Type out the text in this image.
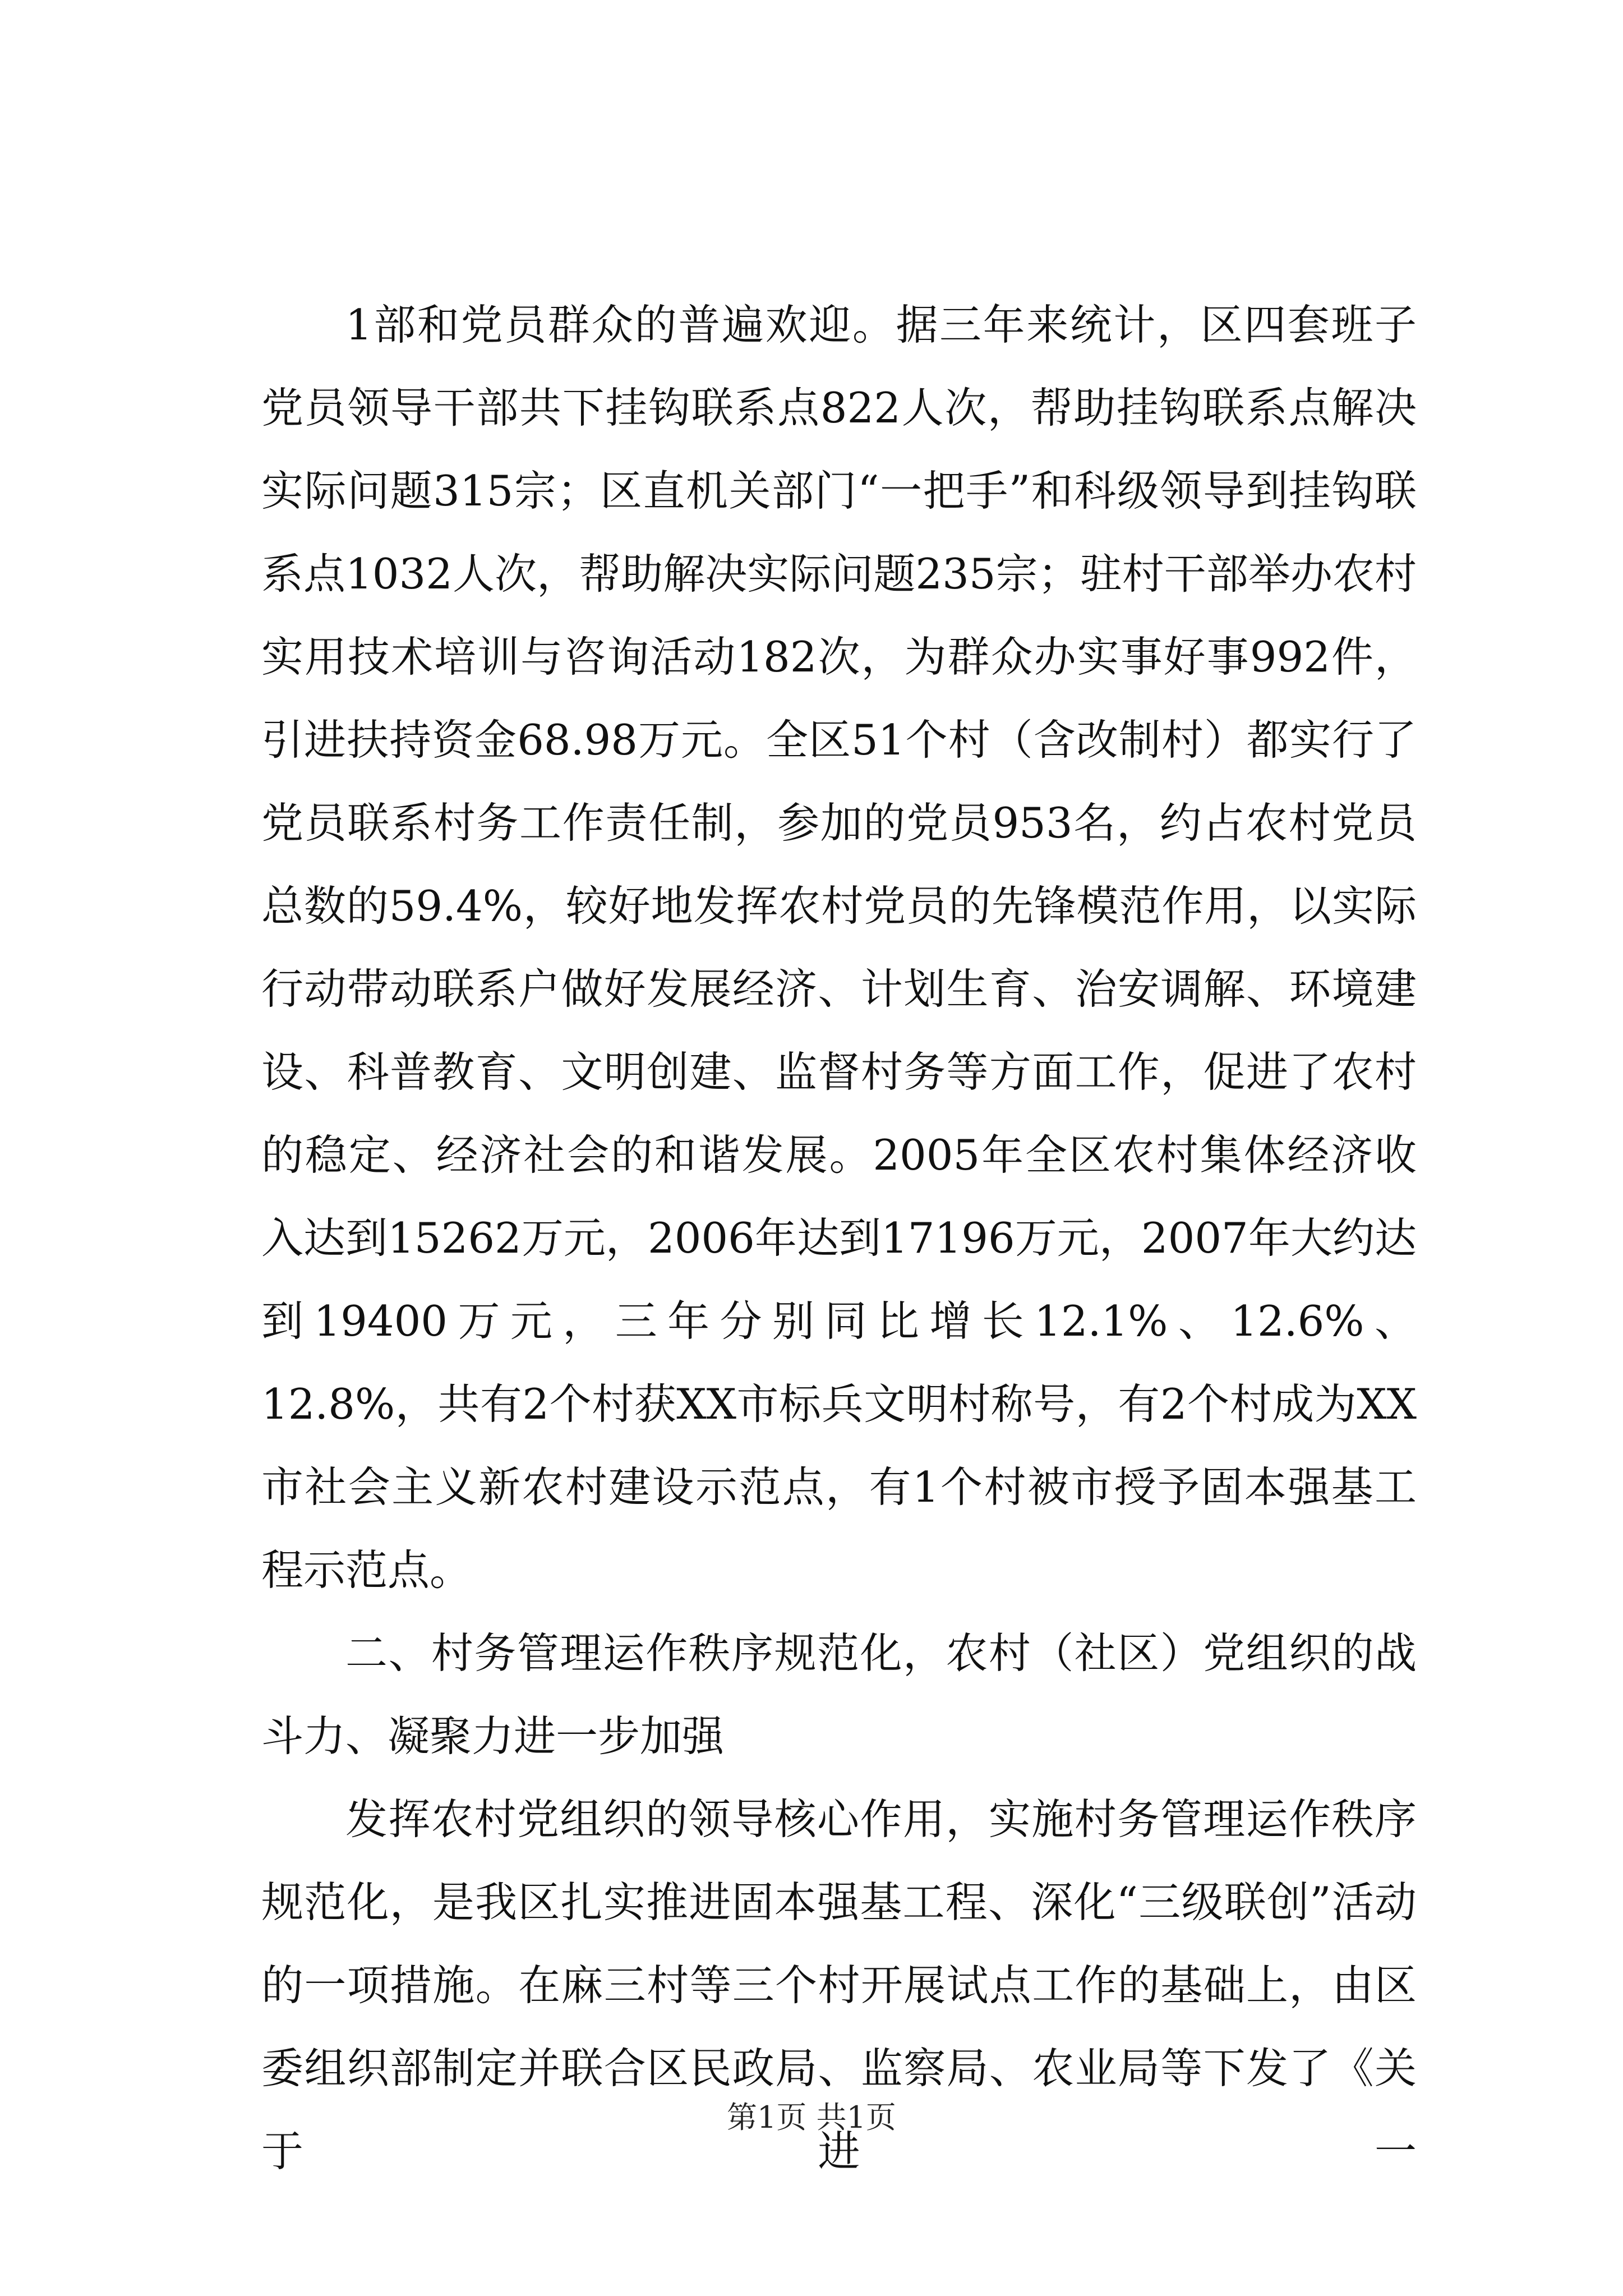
1部和党员群众的普遍欢迎。据三年来统计，区四套班子党员领导干部共下挂钩联系点822人次，帮助挂钩联系点解决实际问题315宗；区直机关部门“一把手”和科级领导到挂钩联系点1032人次，帮助解决实际问题235宗；驻村干部举办农村实用技术培训与咨询活动182次，为群众办实事好事992件，引进扶持资金68.98万元。全区51个村（含改制村）都实行了党员联系村务工作责任制，参加的党员953名，约占农村党员总数的59.4%，较好地发挥农村党员的先锋模范作用，以实际行动带动联系户做好发展经济、计划生育、治安调解、环境建设、科普教育、文明创建、监督村务等方面工作，促进了农村的稳定、经济社会的和谐发展。2005年全区农村集体经济收入达到15262万元，2006年达到17196万元，2007年大约达到19400万元，三年分别同比增长12.1%、12.6%、12.8%，共有2个村获XX市标兵文明村称号，有2个村成为XX市社会主义新农村建设示范点，有1个村被市授予固本强基工程示范点。

二、村务管理运作秩序规范化，农村（社区）党组织的战斗力、凝聚力进一步加强

发挥农村党组织的领导核心作用，实施村务管理运作秩序规范化，是我区扎实推进固本强基工程、深化“三级联创”活动的一项措施。在麻三村等三个村开展试点工作的基础上，由区委组织部制定并联合区民政局、监察局、农业局等下发了《关于进一

第1页 共1页
